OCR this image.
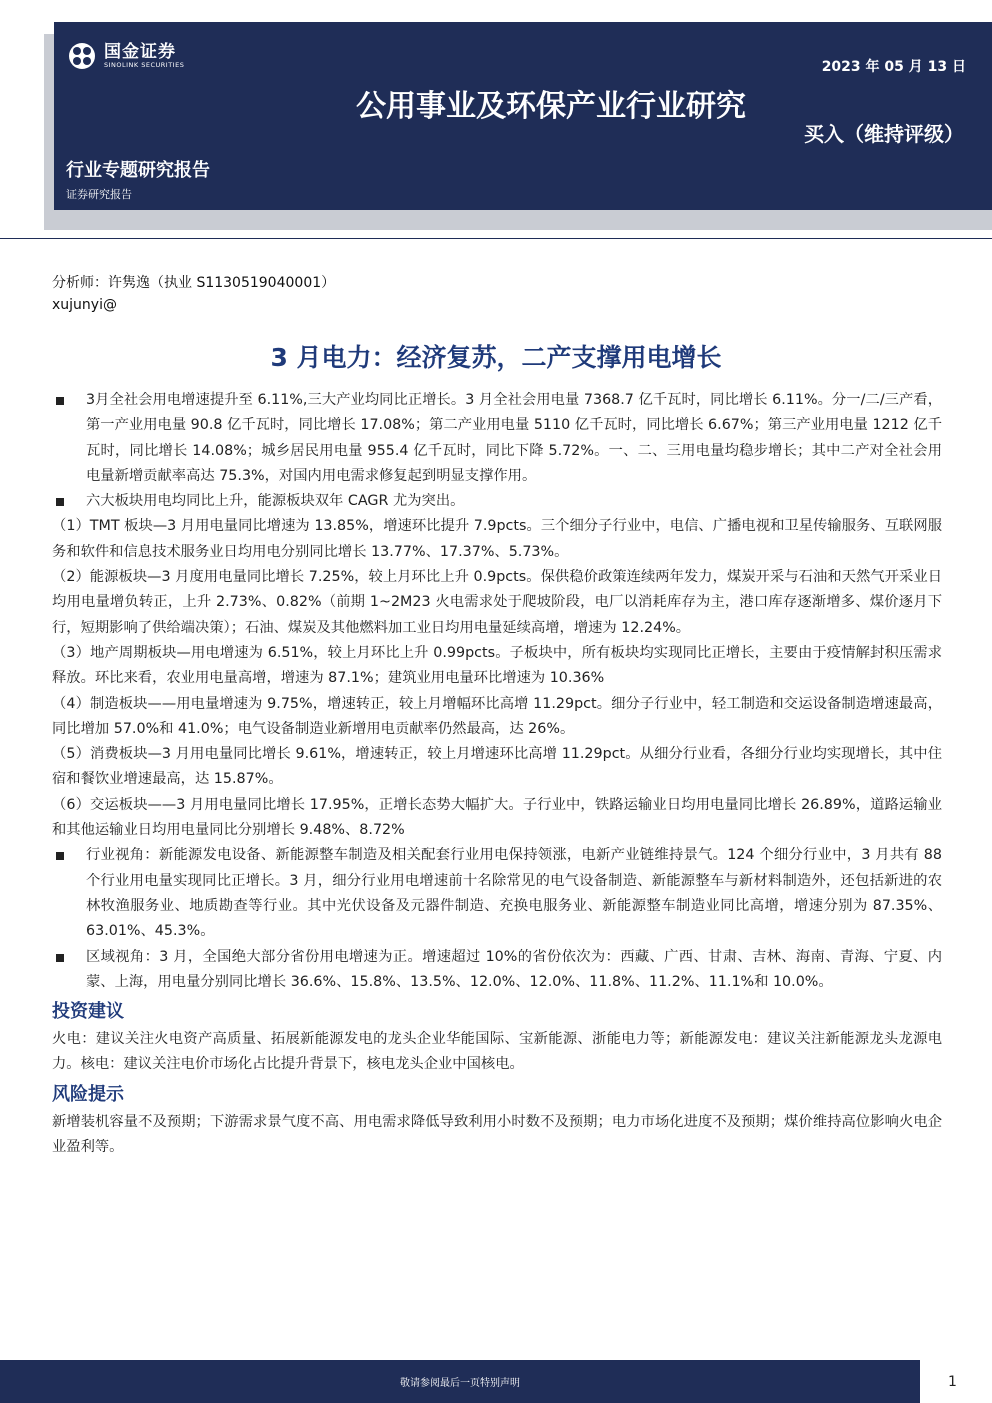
国金证券
SINOLINK SECURITIES
公用事业及环保产业行业研究
2023 年 05 月 13 日
买入（维持评级）
行业专题研究报告
证券研究报告
分析师：许隽逸（执业 S1130519040001）
xujunyi@
3 月电力：经济复苏，二产支撑用电增长
3月全社会用电增速提升至 6.11%,三大产业均同比正增长。3 月全社会用电量 7368.7 亿千瓦时，同比增长 6.11%。分一/二/三产看，第一产业用电量 90.8 亿千瓦时，同比增长 17.08%；第二产业用电量 5110 亿千瓦时，同比增长 6.67%；第三产业用电量 1212 亿千瓦时，同比增长 14.08%；城乡居民用电量 955.4 亿千瓦时，同比下降 5.72%。一、二、三用电量均稳步增长；其中二产对全社会用电量新增贡献率高达 75.3%，对国内用电需求修复起到明显支撑作用。
六大板块用电均同比上升，能源板块双年 CAGR 尤为突出。
（1）TMT 板块—3 月用电量同比增速为 13.85%，增速环比提升 7.9pcts。三个细分子行业中，电信、广播电视和卫星传输服务、互联网服务和软件和信息技术服务业日均用电分别同比增长 13.77%、17.37%、5.73%。
（2）能源板块—3 月度用电量同比增长 7.25%，较上月环比上升 0.9pcts。保供稳价政策连续两年发力，煤炭开采与石油和天然气开采业日均用电量增负转正，上升 2.73%、0.82%（前期 1~2M23 火电需求处于爬坡阶段，电厂以消耗库存为主，港口库存逐渐增多、煤价逐月下行，短期影响了供给端决策）；石油、煤炭及其他燃料加工业日均用电量延续高增，增速为 12.24%。
（3）地产周期板块—用电增速为 6.51%，较上月环比上升 0.99pcts。子板块中，所有板块均实现同比正增长，主要由于疫情解封积压需求释放。环比来看，农业用电量高增，增速为 87.1%；建筑业用电量环比增速为 10.36%
（4）制造板块——用电量增速为 9.75%，增速转正，较上月增幅环比高增 11.29pct。细分子行业中，轻工制造和交运设备制造增速最高，同比增加 57.0%和 41.0%；电气设备制造业新增用电贡献率仍然最高，达 26%。
（5）消费板块—3 月用电量同比增长 9.61%，增速转正，较上月增速环比高增 11.29pct。从细分行业看，各细分行业均实现增长，其中住宿和餐饮业增速最高，达 15.87%。
（6）交运板块——3 月用电量同比增长 17.95%，正增长态势大幅扩大。子行业中，铁路运输业日均用电量同比增长 26.89%，道路运输业和其他运输业日均用电量同比分别增长 9.48%、8.72%
行业视角：新能源发电设备、新能源整车制造及相关配套行业用电保持领涨，电新产业链维持景气。124 个细分行业中，3 月共有 88 个行业用电量实现同比正增长。3 月，细分行业用电增速前十名除常见的电气设备制造、新能源整车与新材料制造外，还包括新进的农林牧渔服务业、地质勘查等行业。其中光伏设备及元器件制造、充换电服务业、新能源整车制造业同比高增，增速分别为 87.35%、63.01%、45.3%。
区域视角：3 月，全国绝大部分省份用电增速为正。增速超过 10%的省份依次为：西藏、广西、甘肃、吉林、海南、青海、宁夏、内蒙、上海，用电量分别同比增长 36.6%、15.8%、13.5%、12.0%、12.0%、11.8%、11.2%、11.1%和 10.0%。
投资建议
火电：建议关注火电资产高质量、拓展新能源发电的龙头企业华能国际、宝新能源、浙能电力等；新能源发电：建议关注新能源龙头龙源电力。核电：建议关注电价市场化占比提升背景下，核电龙头企业中国核电。
风险提示
新增装机容量不及预期；下游需求景气度不高、用电需求降低导致利用小时数不及预期；电力市场化进度不及预期；煤价维持高位影响火电企业盈利等。
敬请参阅最后一页特别声明	1
